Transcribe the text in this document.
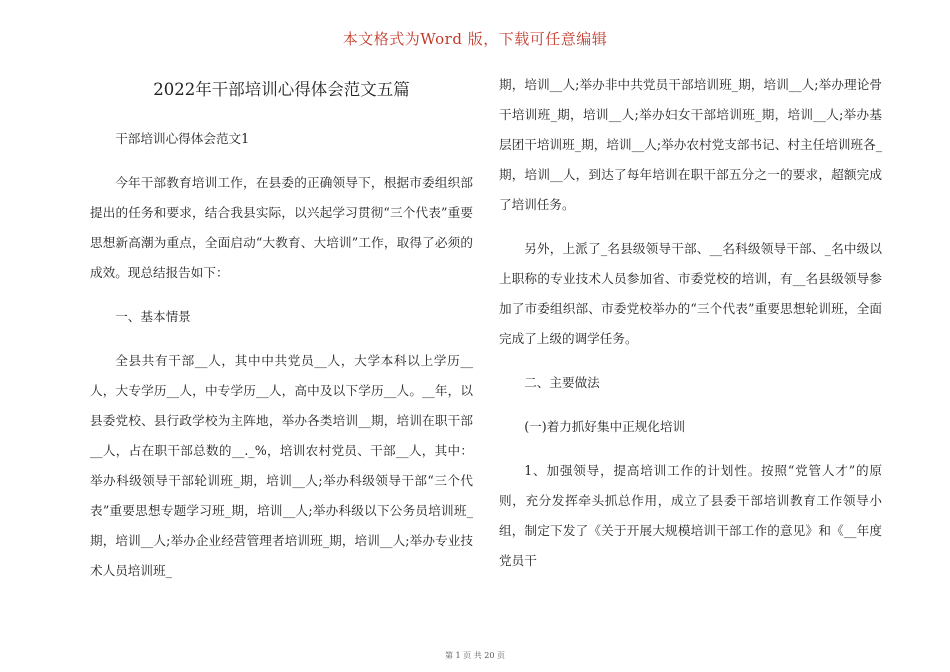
本文格式为Word 版，下载可任意编辑
2022年干部培训心得体会范文五篇

干部培训心得体会范文1

今年干部教育培训工作，在县委的正确领导下，根据市委组织部提出的任务和要求，结合我县实际，以兴起学习贯彻“三个代表”重要思想新高潮为重点，全面启动“大教育、大培训”工作，取得了必须的成效。现总结报告如下：

一、基本情景

全县共有干部__人，其中中共党员__人，大学本科以上学历__人，大专学历__人，中专学历__人，高中及以下学历__人。__年，以县委党校、县行政学校为主阵地，举办各类培训__期，培训在职干部__人，占在职干部总数的__._%，培训农村党员、干部__人，其中：举办科级领导干部轮训班_期，培训__人;举办科级领导干部“三个代表”重要思想专题学习班_期，培训__人;举办科级以下公务员培训班_期，培训__人;举办企业经营管理者培训班_期，培训__人;举办专业技术人员培训班_

期，培训__人;举办非中共党员干部培训班_期，培训__人;举办理论骨干培训班_期，培训__人;举办妇女干部培训班_期，培训__人;举办基层团干培训班_期，培训__人;举办农村党支部书记、村主任培训班各_期，培训__人，到达了每年培训在职干部五分之一的要求，超额完成了培训任务。

另外，上派了_名县级领导干部、__名科级领导干部、_名中级以上职称的专业技术人员参加省、市委党校的培训，有__名县级领导参加了市委组织部、市委党校举办的“三个代表”重要思想轮训班，全面完成了上级的调学任务。

二、主要做法

(一)着力抓好集中正规化培训

1、加强领导，提高培训工作的计划性。按照“党管人才”的原则，充分发挥牵头抓总作用，成立了县委干部培训教育工作领导小组，制定下发了《关于开展大规模培训干部工作的意见》和《__年度党员干

第 1 页 共 20 页
